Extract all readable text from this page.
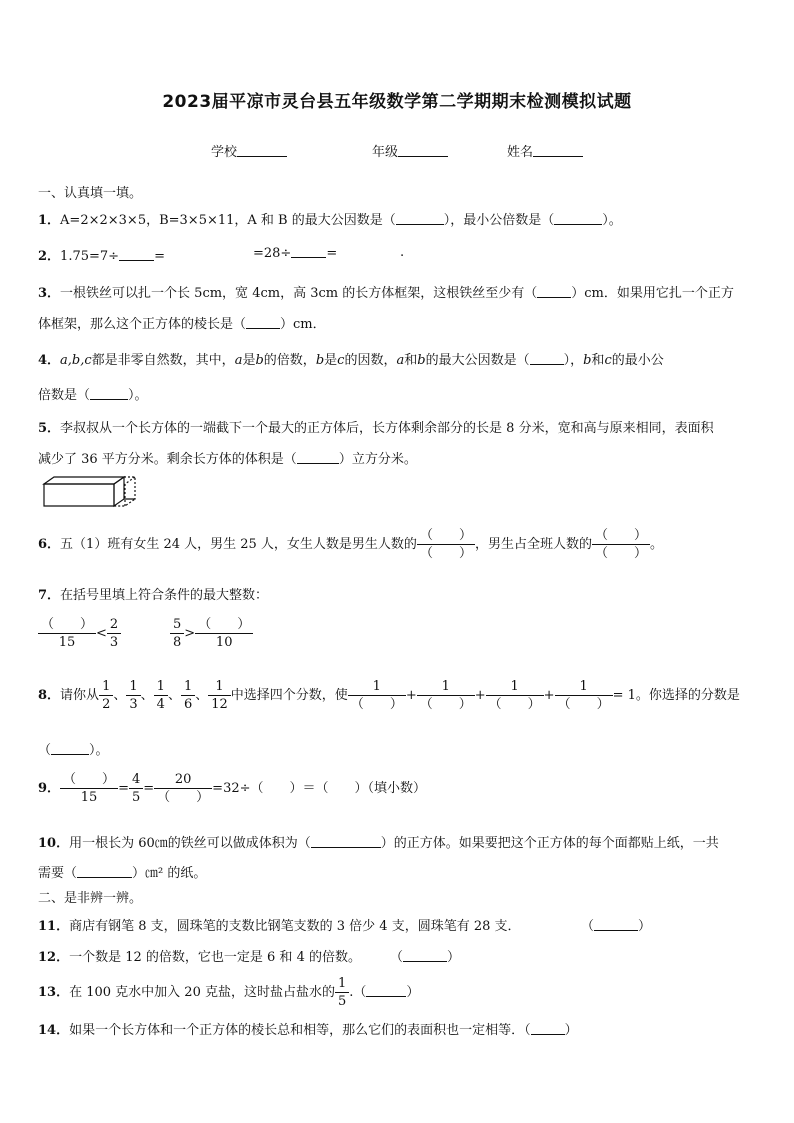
2023届平凉市灵台县五年级数学第二学期期末检测模拟试题
学校	年级	姓名
一、认真填一填。
1．A=2×2×3×5，B=3×5×11，A 和 B 的最大公因数是（	），最小公倍数是（	）。
2．1.75=7÷	=	=28÷	=	.
3．一根铁丝可以扎一个长 5cm，宽 4cm，高 3cm 的长方体框架，这根铁丝至少有（	）cm．如果用它扎一个正方
体框架，那么这个正方体的棱长是（	）cm．
4．a,b,c都是非零自然数，其中，a是b的倍数，b是c的因数，a和b的最大公因数是（	），b和c的最小公
倍数是（	）。
5．李叔叔从一个长方体的一端截下一个最大的正方体后，长方体剩余部分的长是 8 分米，宽和高与原来相同，表面积
减少了 36 平方分米。剩余长方体的体积是（	）立方分米。
6．五（1）班有女生 24 人，男生 25 人，女生人数是男生人数的 $\frac{( )}{( )}$ ，男生占全班人数的 $\frac{( )}{( )}$ 。
7．在括号里填上符合条件的最大整数：
$\frac{( )}{15} < \frac{2}{3}$	$\frac{5}{8} > \frac{( )}{10}$
8．请你从 $\frac{1}{2}$ 、 $\frac{1}{3}$ 、 $\frac{1}{4}$ 、 $\frac{1}{6}$ 、 $\frac{1}{12}$ 中选择四个分数，使 $\frac{1}{( )} + \frac{1}{( )} + \frac{1}{( )} + \frac{1}{( )} = 1$。你选择的分数是
（	）。
9． $\frac{( )}{15} = \frac{4}{5} = \frac{20}{( )} =32\div$（　　）＝（　　）（填小数）
10．用一根长为 60㎝的铁丝可以做成体积为（	）的正方体。如果要把这个正方体的每个面都贴上纸，一共
需要（	）㎝² 的纸。
二、是非辨一辨。
11．商店有钢笔 8 支，圆珠笔的支数比钢笔支数的 3 倍少 4 支，圆珠笔有 28 支．	（	）
12．一个数是 12 的倍数，它也一定是 6 和 4 的倍数。 （	）
13．在 100 克水中加入 20 克盐，这时盐占盐水的 $\frac{1}{5}$ .（	）
14．如果一个长方体和一个正方体的棱长总和相等，那么它们的表面积也一定相等．（	）
